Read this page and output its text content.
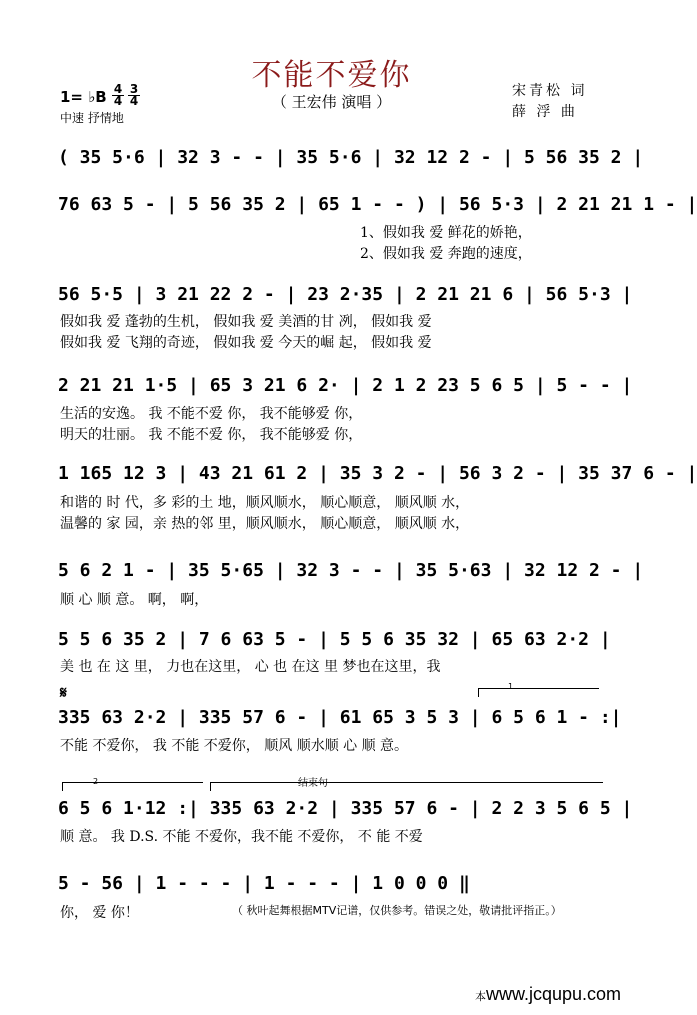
不能不爱你
（ 王宏伟 演唱 ）
1= ♭B $\frac{4}{4} \frac{3}{4}$
中速 抒情地
宋青松 词
薛 浮 曲
( 35 5·6 | 32 3 - - | 35 5·6 | 32 12 2 - | 5 56 35 2 |
76 63 5 - | 5 56 35 2 | 65 1 - - ) | 56 5·3 | 2 21 21 1 - |
1、假如我 爱 鲜花的娇艳，
2、假如我 爱 奔跑的速度，
56 5·5 | 3 21 22 2 - | 23 2·35 | 2 21 21 6 | 56 5·3 |
假如我 爱 蓬勃的生机， 假如我 爱 美酒的甘 冽， 假如我 爱
假如我 爱 飞翔的奇迹， 假如我 爱 今天的崛 起， 假如我 爱
2 21 21 1·5 | 65 3 21 6 2· | 2 1 2 23 5 6 5 | 5 - - |
生活的安逸。 我 不能不爱 你， 我不能够爱 你，
明天的壮丽。 我 不能不爱 你， 我不能够爱 你，
1 165 12 3 | 43 21 61 2 | 35 3 2 - | 56 3 2 - | 35 37 6 - |
和谐的 时 代，多 彩的土 地，顺风顺水， 顺心顺意， 顺风顺 水，
温馨的 家 园，亲 热的邻 里，顺风顺水， 顺心顺意， 顺风顺 水，
5 6 2 1 - | 35 5·65 | 32 3 - - | 35 5·63 | 32 12 2 - |
顺 心 顺 意。 啊， 啊，
5 5 6 35 2 | 7 6 63 5 - | 5 5 6 35 32 | 65 63 2·2 |
美 也 在 这 里， 力也在这里， 心 也 在这 里 梦也在这里，我
𝄋	1
335 63 2·2 | 335 57 6 - | 61 65 3 5 3 | 6 5 6 1 - :|
不能 不爱你， 我 不能 不爱你， 顺风 顺水顺 心 顺 意。
2	结束句
6 5 6 1·12 :| 335 63 2·2 | 335 57 6 - | 2 2 3 5 6 5 |
顺 意。 我 D.S. 不能 不爱你，我不能 不爱你， 不 能 不爱
5 - 56 | 1 - - - | 1 - - - | 1 0 0 0 ‖
你， 爱 你！	（ 秋叶起舞根据MTV记谱，仅供参考。错误之处，敬请批评指正。）
本www.jcqupu.com
